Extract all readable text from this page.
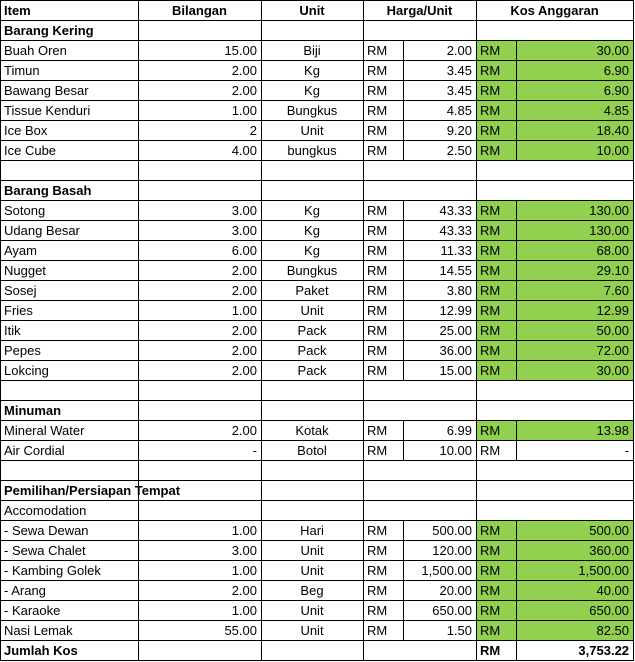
Item	Bilangan	Unit	Harga/Unit		Kos Anggaran	
Barang Kering						
Buah Oren	15.00	Biji	RM	2.00	RM	30.00
Timun	2.00	Kg	RM	3.45	RM	6.90
Bawang Besar	2.00	Kg	RM	3.45	RM	6.90
Tissue Kenduri	1.00	Bungkus	RM	4.85	RM	4.85
Ice Box	2	Unit	RM	9.20	RM	18.40
Ice Cube	4.00	bungkus	RM	2.50	RM	10.00

Barang Basah						
Sotong	3.00	Kg	RM	43.33	RM	130.00
Udang Besar	3.00	Kg	RM	43.33	RM	130.00
Ayam	6.00	Kg	RM	11.33	RM	68.00
Nugget	2.00	Bungkus	RM	14.55	RM	29.10
Sosej	2.00	Paket	RM	3.80	RM	7.60
Fries	1.00	Unit	RM	12.99	RM	12.99
Itik	2.00	Pack	RM	25.00	RM	50.00
Pepes	2.00	Pack	RM	36.00	RM	72.00
Lokcing	2.00	Pack	RM	15.00	RM	30.00

Minuman						
Mineral Water	2.00	Kotak	RM	6.99	RM	13.98
Air Cordial	-	Botol	RM	10.00	RM	-

Pemilihan/Persiapan Tempat						
Accomodation						
- Sewa Dewan	1.00	Hari	RM	500.00	RM	500.00
- Sewa Chalet	3.00	Unit	RM	120.00	RM	360.00
- Kambing Golek	1.00	Unit	RM	1,500.00	RM	1,500.00
- Arang	2.00	Beg	RM	20.00	RM	40.00
- Karaoke	1.00	Unit	RM	650.00	RM	650.00
Nasi Lemak	55.00	Unit	RM	1.50	RM	82.50
Jumlah Kos					RM	3,753.22
